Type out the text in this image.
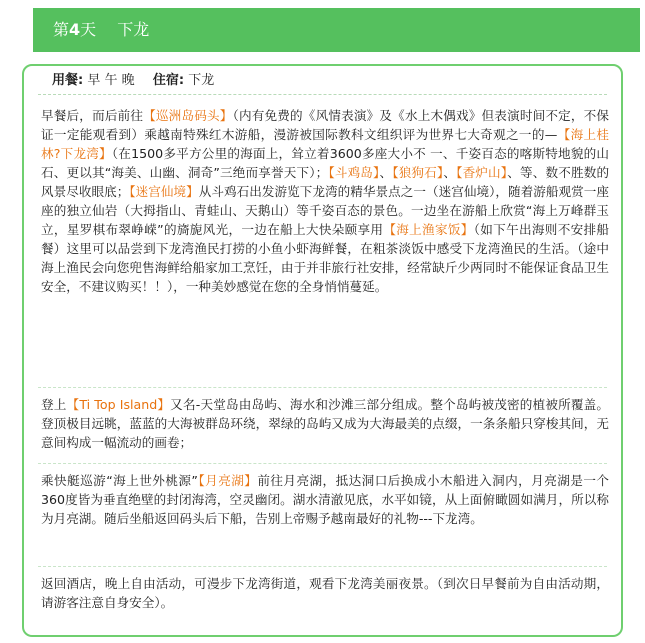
第4天 下龙
用餐: 早 午 晚 住宿: 下龙

早餐后，而后前往【巡洲岛码头】（内有免费的《风情表演》及《水上木偶戏》但表演时间不定，不保证一定能观看到）乘越南特殊红木游船，漫游被国际教科文组织评为世界七大奇观之一的—【海上桂林?下龙湾】（在1500多平方公里的海面上，耸立着3600多座大小不 一、千姿百态的喀斯特地貌的山石、更以其“海美、山幽、洞奇”三绝而享誉天下）；【斗鸡岛】、【狼狗石】、【香炉山】、等、数不胜数的风景尽收眼底；【迷宫仙境】从斗鸡石出发游览下龙湾的精华景点之一（迷宫仙境），随着游船观赏一座座的独立仙岩（大拇指山、青蛙山、天鹅山）等千姿百态的景色。一边坐在游船上欣赏“海上万峰群玉立，星罗棋布翠峥嵘”的旖旎风光，一边在船上大快朵颐享用【海上渔家饭】（如下午出海则不安排船餐）这里可以品尝到下龙湾渔民打捞的小鱼小虾海鲜餐，在粗茶淡饭中感受下龙湾渔民的生活。（途中海上渔民会向您兜售海鲜给船家加工烹饪，由于并非旅行社安排，经常缺斤少两同时不能保证食品卫生安全，不建议购买！！），一种美妙感觉在您的全身悄悄蔓延。

登上【Ti Top Island】又名-天堂岛由岛屿、海水和沙滩三部分组成。整个岛屿被茂密的植被所覆盖。登顶极目远眺，蓝蓝的大海被群岛环绕，翠绿的岛屿又成为大海最美的点缀，一条条船只穿梭其间，无意间构成一幅流动的画卷；

乘快艇巡游“海上世外桃源”【月亮湖】前往月亮湖，抵达洞口后换成小木船进入洞内，月亮湖是一个360度皆为垂直绝壁的封闭海湾，空灵幽闭。湖水清澈见底，水平如镜，从上面俯瞰圆如满月，所以称为月亮湖。随后坐船返回码头后下船，告别上帝赐予越南最好的礼物---下龙湾。

返回酒店，晚上自由活动，可漫步下龙湾街道，观看下龙湾美丽夜景。（到次日早餐前为自由活动期，请游客注意自身安全）。
